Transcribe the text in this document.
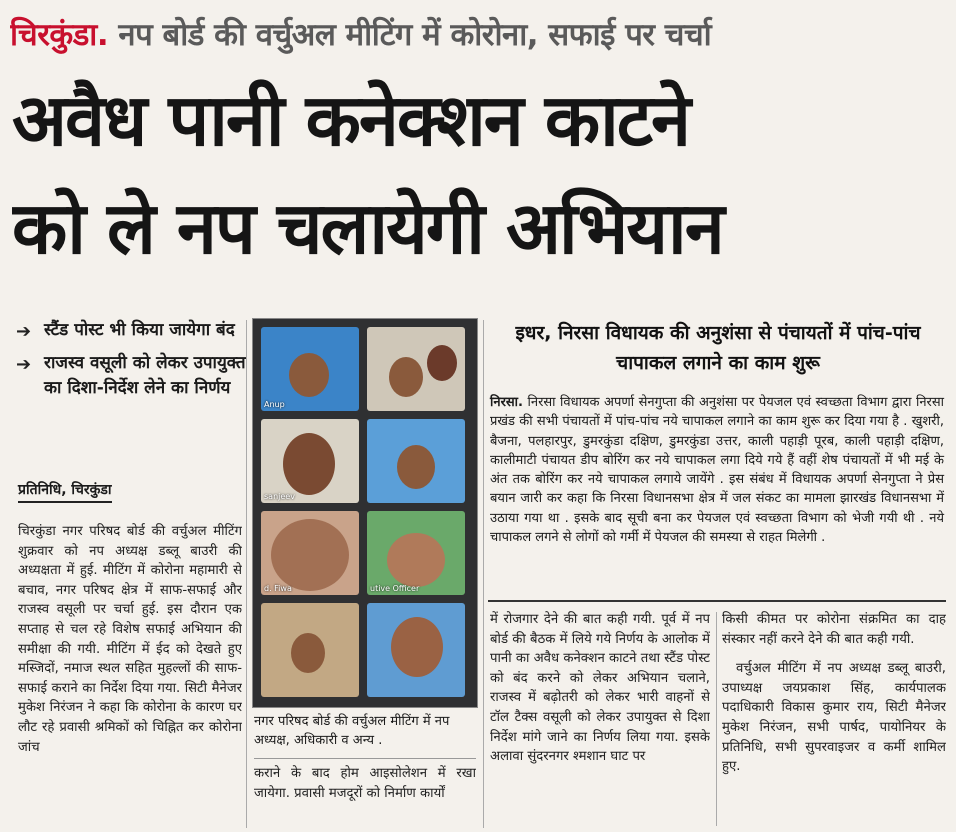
चिरकुंडा. नप बोर्ड की वर्चुअल मीटिंग में कोरोना, सफाई पर चर्चा
अवैध पानी कनेक्शन काटने
को ले नप चलायेगी अभियान
➔ स्टैंड पोस्ट भी किया जायेगा बंद
➔ राजस्व वसूली को लेकर उपायुक्त का दिशा-निर्देश लेने का निर्णय
प्रतिनिधि, चिरकुंडा
चिरकुंडा नगर परिषद बोर्ड की वर्चुअल मीटिंग शुक्रवार को नप अध्यक्ष डब्लू बाउरी की अध्यक्षता में हुई. मीटिंग में कोरोना महामारी से बचाव, नगर परिषद क्षेत्र में साफ-सफाई और राजस्व वसूली पर चर्चा हुई. इस दौरान एक सप्ताह से चल रहे विशेष सफाई अभियान की समीक्षा की गयी. मीटिंग में ईद को देखते हुए मस्जिदों, नमाज स्थल सहित मुहल्लों की साफ-सफाई कराने का निर्देश दिया गया. सिटी मैनेजर मुकेश निरंजन ने कहा कि कोरोना के कारण घर लौट रहे प्रवासी श्रमिकों को चिह्नित कर कोरोना जांच
Anup
sanjeev
d. Fiwa	utive Officer
नगर परिषद बोर्ड की वर्चुअल मीटिंग में नप अध्यक्ष, अधिकारी व अन्य .
कराने के बाद होम आइसोलेशन में रखा जायेगा. प्रवासी मजदूरों को निर्माण कार्यों
इधर, निरसा विधायक की अनुशंसा से पंचायतों में पांच-पांच चापाकल लगाने का काम शुरू
निरसा. निरसा विधायक अपर्णा सेनगुप्ता की अनुशंसा पर पेयजल एवं स्वच्छता विभाग द्वारा निरसा प्रखंड की सभी पंचायतों में पांच-पांच नये चापाकल लगाने का काम शुरू कर दिया गया है . खुशरी, बैजना, पलहारपुर, डुमरकुंडा दक्षिण, डुमरकुंडा उत्तर, काली पहाड़ी पूरब, काली पहाड़ी दक्षिण, कालीमाटी पंचायत डीप बोरिंग कर नये चापाकल लगा दिये गये हैं वहीं शेष पंचायतों में भी मई के अंत तक बोरिंग कर नये चापाकल लगाये जायेंगे . इस संबंध में विधायक अपर्णा सेनगुप्ता ने प्रेस बयान जारी कर कहा कि निरसा विधानसभा क्षेत्र में जल संकट का मामला झारखंड विधानसभा में उठाया गया था . इसके बाद सूची बना कर पेयजल एवं स्वच्छता विभाग को भेजी गयी थी . नये चापाकल लगने से लोगों को गर्मी में पेयजल की समस्या से राहत मिलेगी .
में रोजगार देने की बात कही गयी. पूर्व में नप बोर्ड की बैठक में लिये गये निर्णय के आलोक में पानी का अवैध कनेक्शन काटने तथा स्टैंड पोस्ट को बंद करने को लेकर अभियान चलाने, राजस्व में बढ़ोतरी को लेकर भारी वाहनों से टॉल टैक्स वसूली को लेकर उपायुक्त से दिशा निर्देश मांगे जाने का निर्णय लिया गया. इसके अलावा सुंदरनगर श्मशान घाट पर

किसी कीमत पर कोरोना संक्रमित का दाह संस्कार नहीं करने देने की बात कही गयी.

वर्चुअल मीटिंग में नप अध्यक्ष डब्लू बाउरी, उपाध्यक्ष जयप्रकाश सिंह, कार्यपालक पदाधिकारी विकास कुमार राय, सिटी मैनेजर मुकेश निरंजन, सभी पार्षद, पायोनियर के प्रतिनिधि, सभी सुपरवाइजर व कर्मी शामिल हुए.
